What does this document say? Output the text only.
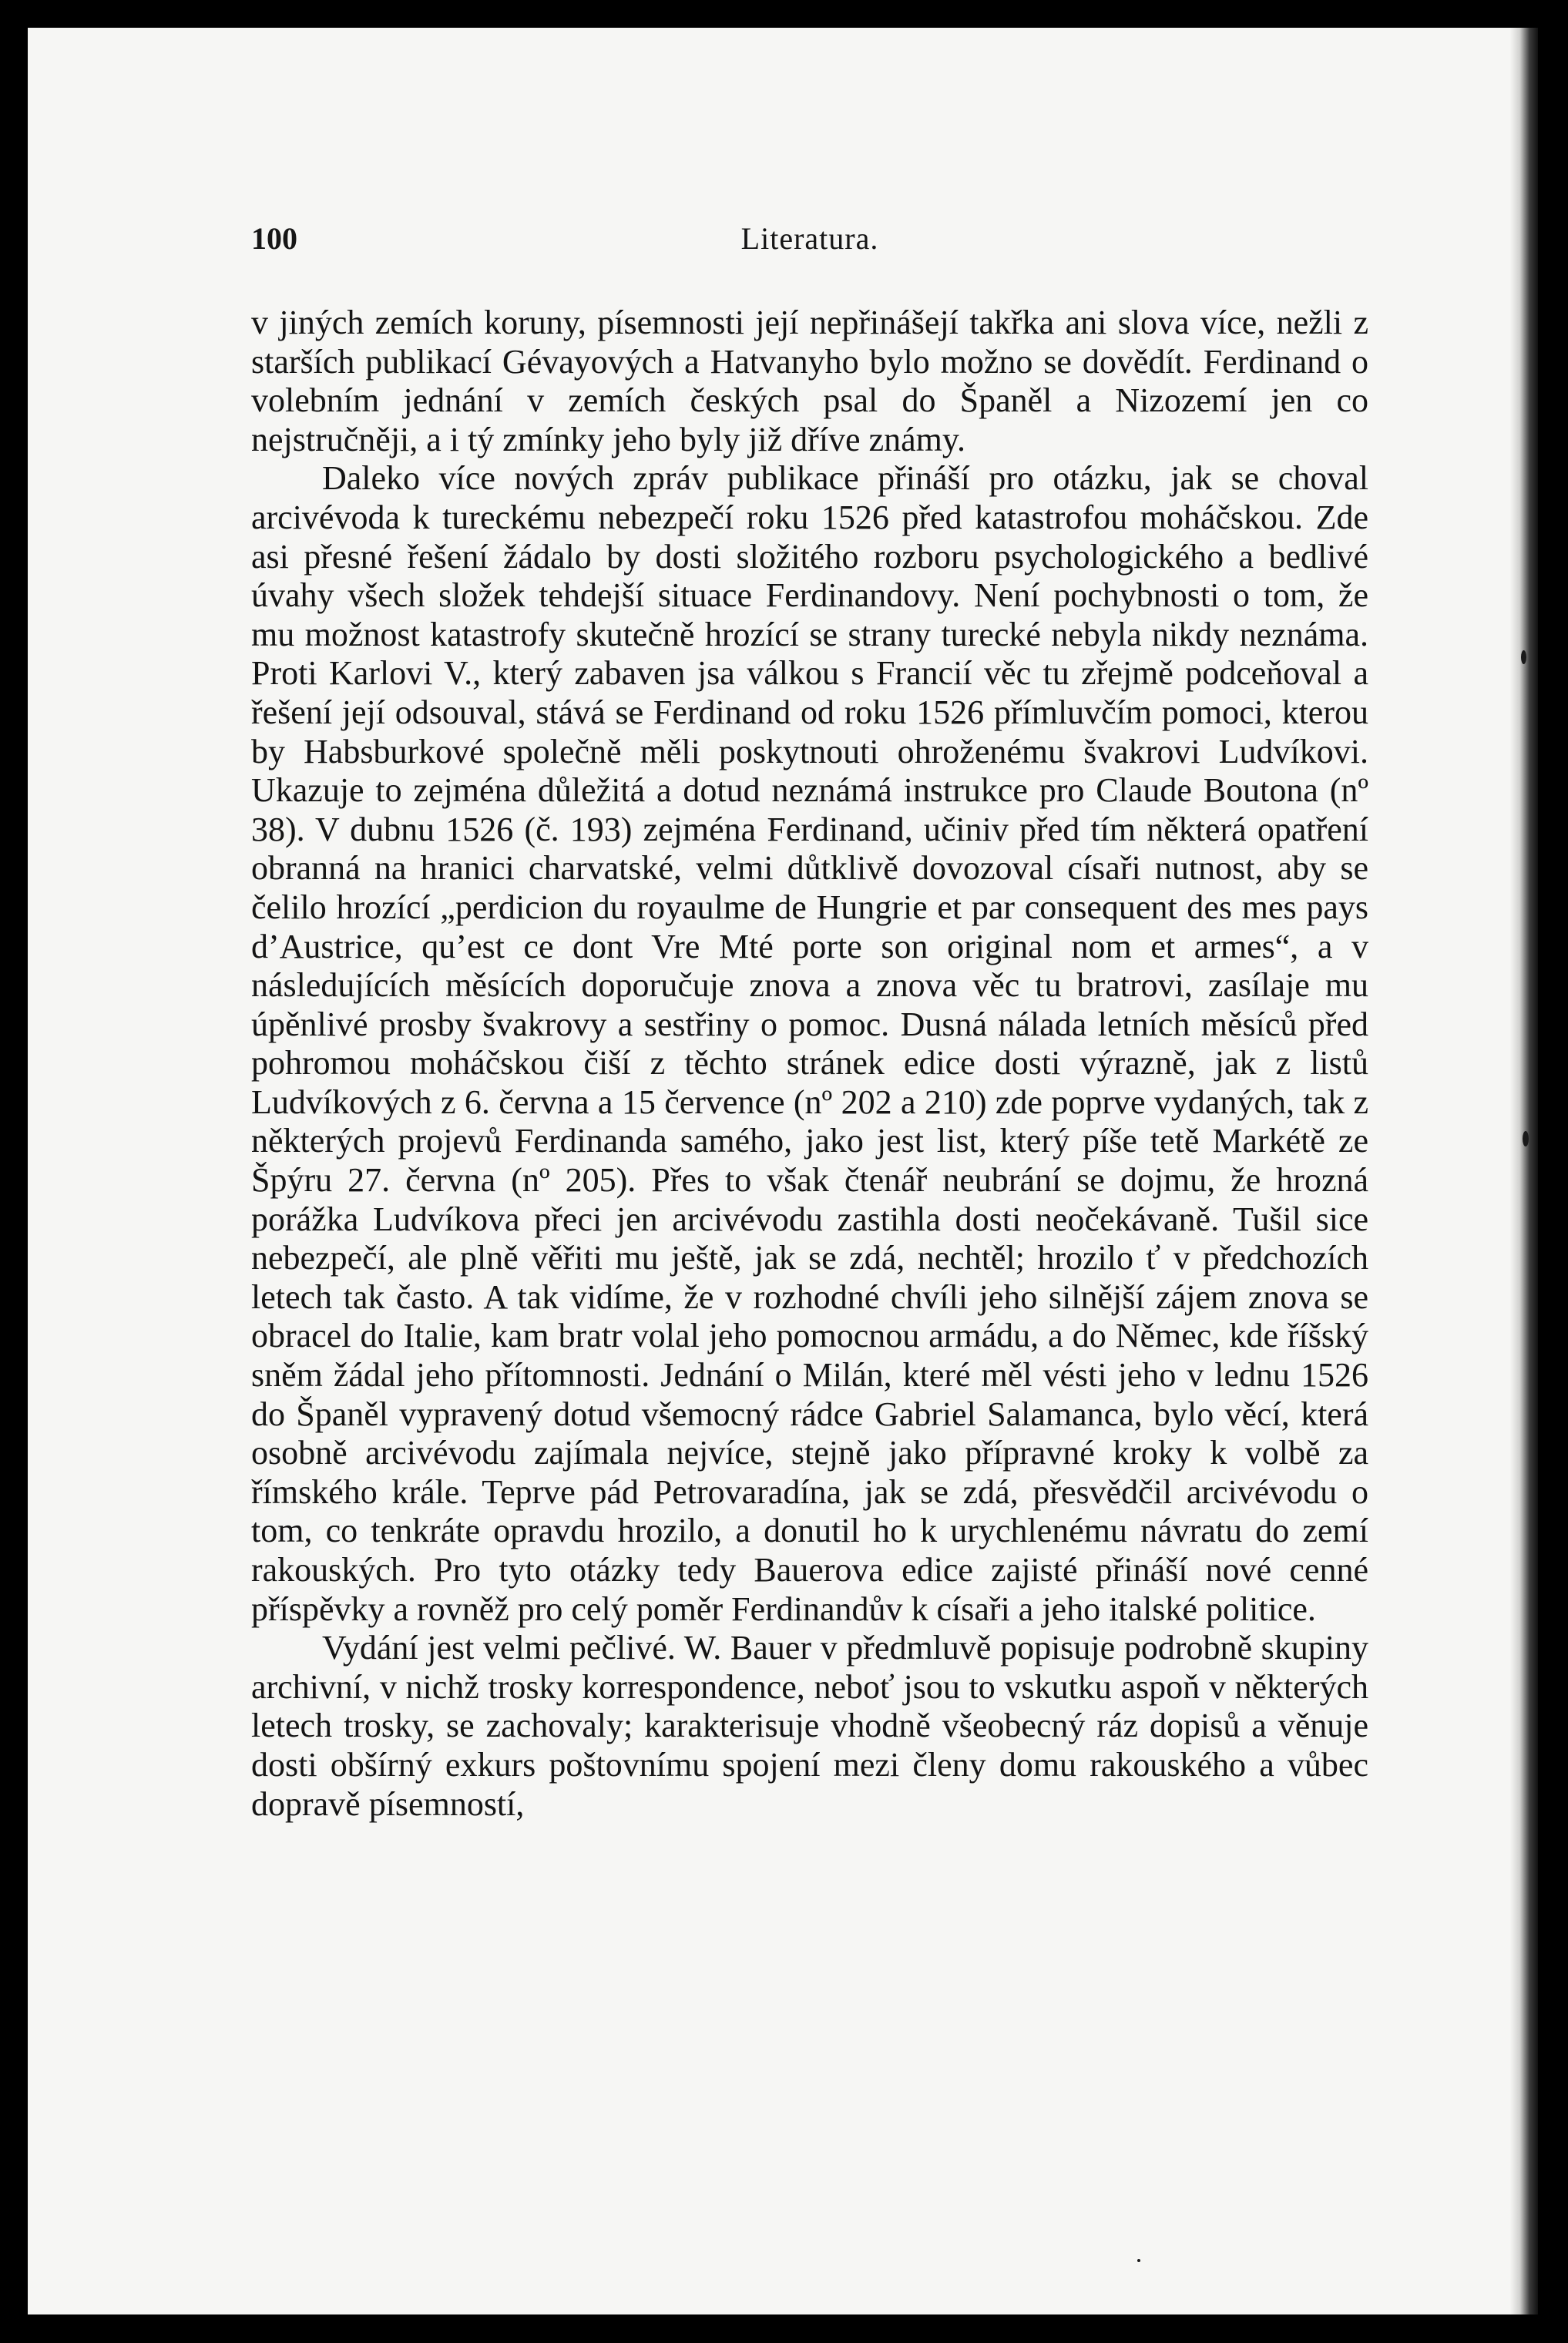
100	Literatura.

v jiných zemích koruny, písemnosti její nepřinášejí takřka ani slova více, nežli z starších publikací Gévayových a Hatvanyho bylo možno se dovědít. Ferdinand o volebním jednání v zemích českých psal do Španěl a Nizozemí jen co nejstručněji, a i tý zmínky jeho byly již dříve známy.

Daleko více nových zpráv publikace přináší pro otázku, jak se choval arcivévoda k tureckému nebezpečí roku 1526 před katastrofou moháčskou. Zde asi přesné řešení žádalo by dosti složitého rozboru psychologického a bedlivé úvahy všech složek tehdejší situace Ferdinandovy. Není pochybnosti o tom, že mu možnost katastrofy skutečně hrozící se strany turecké nebyla nikdy neznáma. Proti Karlovi V., který zabaven jsa válkou s Francií věc tu zřejmě podceňoval a řešení její odsouval, stává se Ferdinand od roku 1526 přímluvčím pomoci, kterou by Habsburkové společně měli poskytnouti ohroženému švakrovi Ludvíkovi. Ukazuje to zejména důležitá a dotud neznámá instrukce pro Claude Boutona (nº 38). V dubnu 1526 (č. 193) zejména Ferdinand, učiniv před tím některá opatření obranná na hranici charvatské, velmi důtklivě dovozoval císaři nutnost, aby se čelilo hrozící „perdicion du royaulme de Hungrie et par consequent des mes pays d’Austrice, qu’est ce dont Vre Mté porte son original nom et armes“, a v následujících měsících doporučuje znova a znova věc tu bratrovi, zasílaje mu úpěnlivé prosby švakrovy a sestřiny o pomoc. Dusná nálada letních měsíců před pohromou moháčskou čiší z těchto stránek edice dosti výrazně, jak z listů Ludvíkových z 6. června a 15 července (nº 202 a 210) zde poprve vydaných, tak z některých projevů Ferdinanda samého, jako jest list, který píše tetě Markétě ze Špýru 27. června (nº 205). Přes to však čtenář neubrání se dojmu, že hrozná porážka Ludvíkova přeci jen arcivévodu zastihla dosti neočekávaně. Tušil sice nebezpečí, ale plně věřiti mu ještě, jak se zdá, nechtěl; hrozilo ť v předchozích letech tak často. A tak vidíme, že v rozhodné chvíli jeho silnější zájem znova se obracel do Italie, kam bratr volal jeho pomocnou armádu, a do Němec, kde říšský sněm žádal jeho přítomnosti. Jednání o Milán, které měl vésti jeho v lednu 1526 do Španěl vypravený dotud všemocný rádce Gabriel Salamanca, bylo věcí, která osobně arcivévodu zajímala nejvíce, stejně jako přípravné kroky k volbě za římského krále. Teprve pád Petrovaradína, jak se zdá, přesvědčil arcivévodu o tom, co tenkráte opravdu hrozilo, a donutil ho k urychlenému návratu do zemí rakouských. Pro tyto otázky tedy Bauerova edice zajisté přináší nové cenné příspěvky a rovněž pro celý poměr Ferdinandův k císaři a jeho italské politice.

Vydání jest velmi pečlivé. W. Bauer v předmluvě popisuje podrobně skupiny archivní, v nichž trosky korrespondence, neboť jsou to vskutku aspoň v některých letech trosky, se zachovaly; karakterisuje vhodně všeobecný ráz dopisů a věnuje dosti obšírný exkurs poštovnímu spojení mezi členy domu rakouského a vůbec dopravě písemností,
